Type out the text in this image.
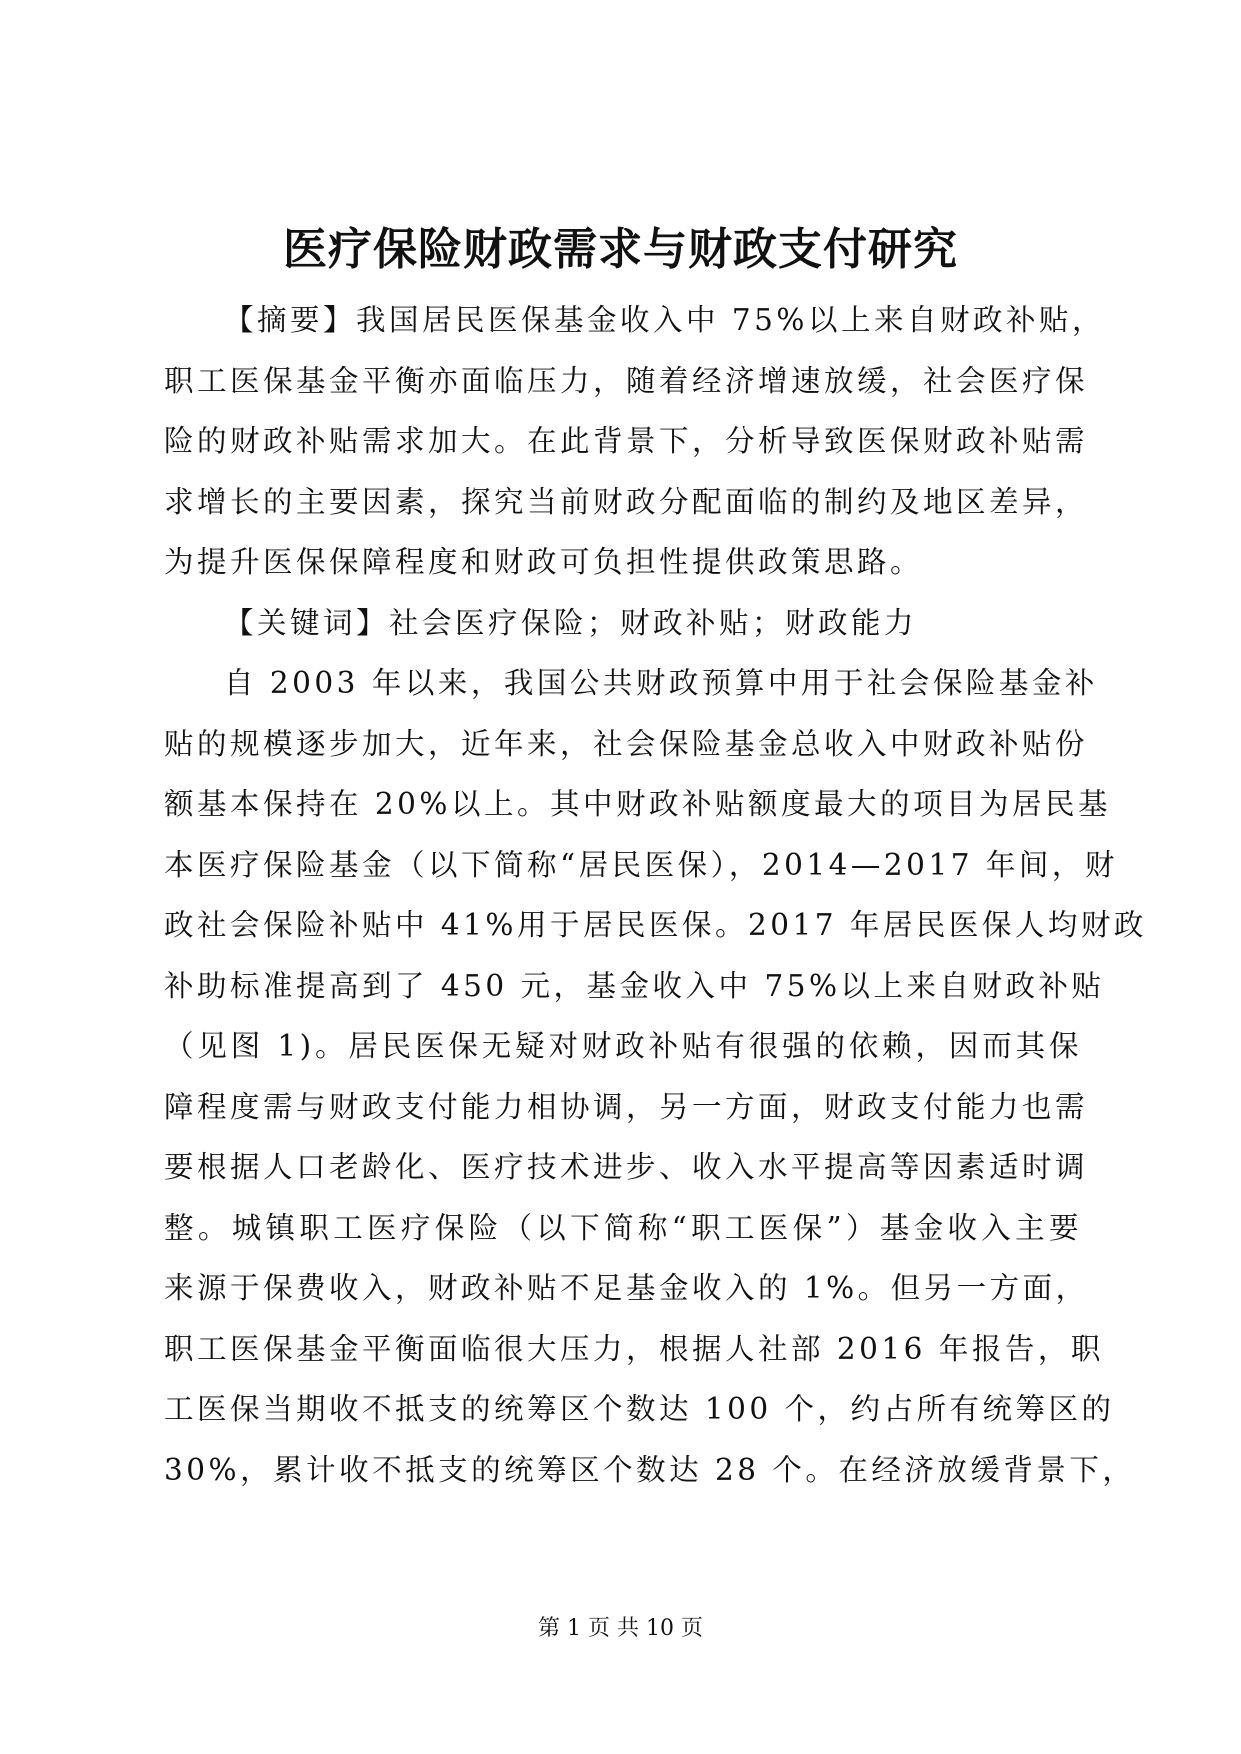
医疗保险财政需求与财政支付研究
【摘要】我国居民医保基金收入中 75%以上来自财政补贴，
职工医保基金平衡亦面临压力，随着经济增速放缓，社会医疗保
险的财政补贴需求加大。在此背景下，分析导致医保财政补贴需
求增长的主要因素，探究当前财政分配面临的制约及地区差异，
为提升医保保障程度和财政可负担性提供政策思路。
【关键词】社会医疗保险；财政补贴；财政能力
自 2003 年以来，我国公共财政预算中用于社会保险基金补
贴的规模逐步加大，近年来，社会保险基金总收入中财政补贴份
额基本保持在 20%以上。其中财政补贴额度最大的项目为居民基
本医疗保险基金（以下简称“居民医保），2014—2017 年间，财
政社会保险补贴中 41%用于居民医保。2017 年居民医保人均财政
补助标准提高到了 450 元，基金收入中 75%以上来自财政补贴
（见图 1)。居民医保无疑对财政补贴有很强的依赖，因而其保
障程度需与财政支付能力相协调，另一方面，财政支付能力也需
要根据人口老龄化、医疗技术进步、收入水平提高等因素适时调
整。城镇职工医疗保险（以下简称“职工医保”）基金收入主要
来源于保费收入，财政补贴不足基金收入的 1%。但另一方面，
职工医保基金平衡面临很大压力，根据人社部 2016 年报告，职
工医保当期收不抵支的统筹区个数达 100 个，约占所有统筹区的
30%，累计收不抵支的统筹区个数达 28 个。在经济放缓背景下，
第 1 页 共 10 页
